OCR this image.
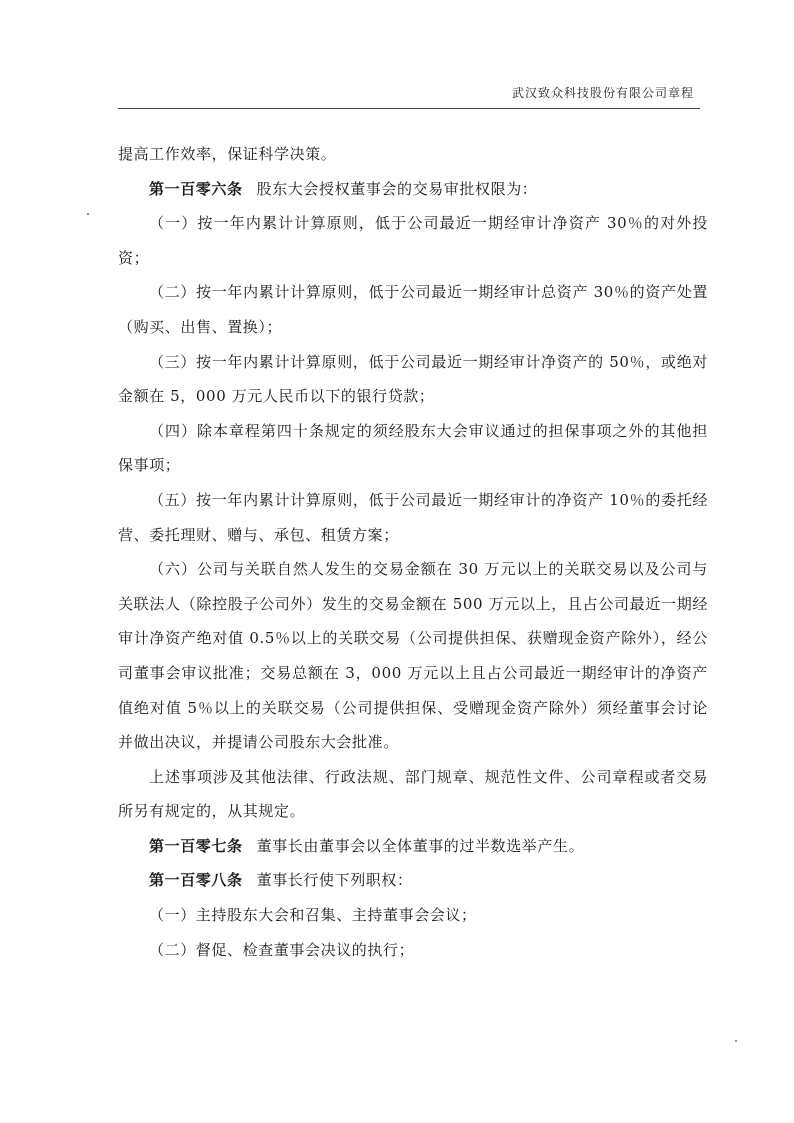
武汉致众科技股份有限公司章程

提高工作效率，保证科学决策。

第一百零六条 股东大会授权董事会的交易审批权限为：

（一）按一年内累计计算原则，低于公司最近一期经审计净资产 30％的对外投资；

（二）按一年内累计计算原则，低于公司最近一期经审计总资产 30％的资产处置（购买、出售、置换）；

（三）按一年内累计计算原则，低于公司最近一期经审计净资产的 50％，或绝对金额在 5，000 万元人民币以下的银行贷款；

（四）除本章程第四十条规定的须经股东大会审议通过的担保事项之外的其他担保事项；

（五）按一年内累计计算原则，低于公司最近一期经审计的净资产 10％的委托经营、委托理财、赠与、承包、租赁方案；

（六）公司与关联自然人发生的交易金额在 30 万元以上的关联交易以及公司与关联法人（除控股子公司外）发生的交易金额在 500 万元以上，且占公司最近一期经审计净资产绝对值 0.5％以上的关联交易（公司提供担保、获赠现金资产除外），经公司董事会审议批准；交易总额在 3，000 万元以上且占公司最近一期经审计的净资产值绝对值 5％以上的关联交易（公司提供担保、受赠现金资产除外）须经董事会讨论并做出决议，并提请公司股东大会批准。

上述事项涉及其他法律、行政法规、部门规章、规范性文件、公司章程或者交易所另有规定的，从其规定。

第一百零七条 董事长由董事会以全体董事的过半数选举产生。

第一百零八条 董事长行使下列职权：

（一）主持股东大会和召集、主持董事会会议；

（二）督促、检查董事会决议的执行；
